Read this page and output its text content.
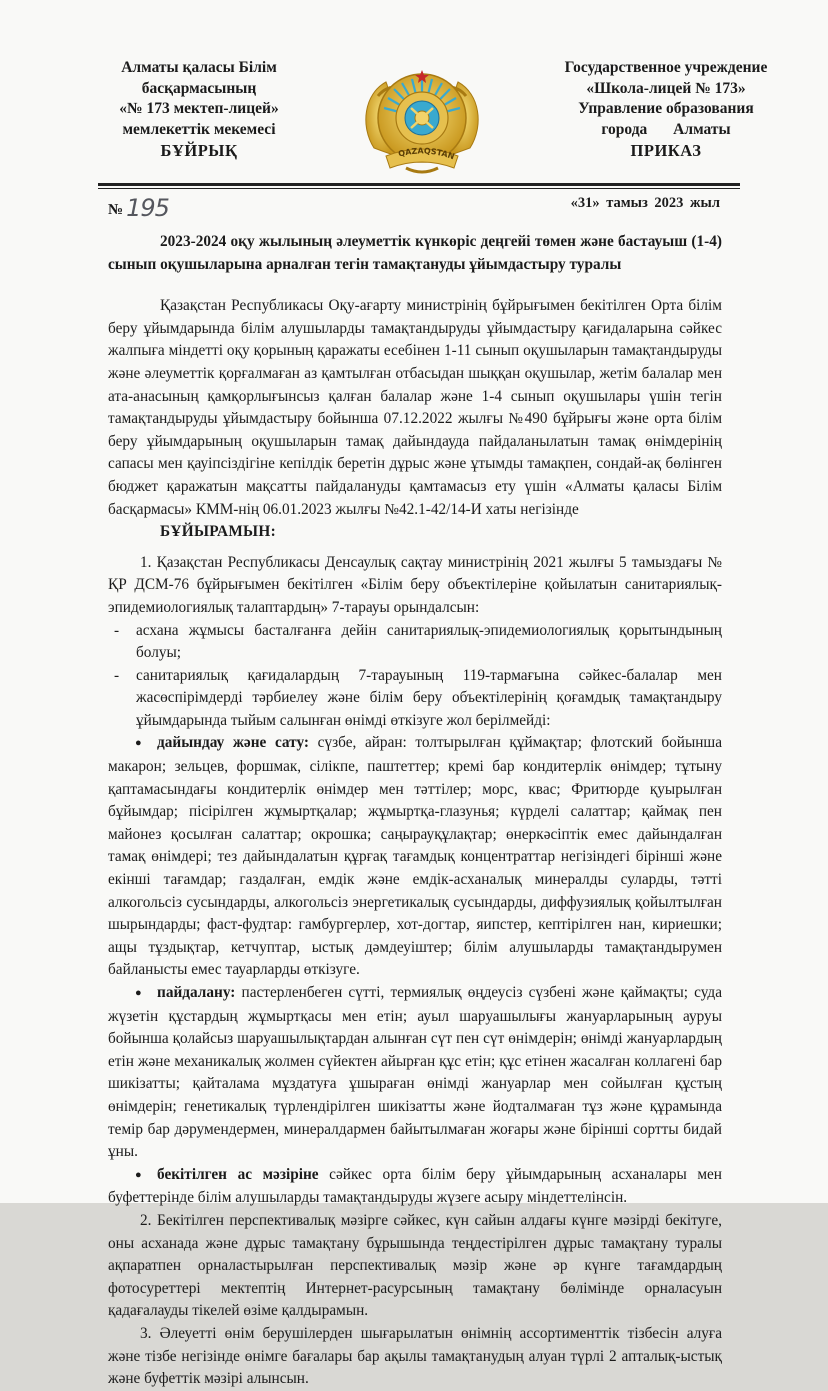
Алматы қаласы Білім
басқармасының
«№ 173 мектеп-лицей»
мемлекеттік мекемесі
БҰЙРЫҚ	QAZAQSTAN
Государственное учреждение
«Школа-лицей № 173»
Управление образования
города Алматы
ПРИКАЗ
№ 195	«31» тамыз 2023 жыл

2023-2024 оқу жылының әлеуметтік күнкөріс деңгейі төмен және бастауыш (1-4) сынып оқушыларына арналған тегін тамақтануды ұйымдастыру туралы

Қазақстан Республикасы Оқу-ағарту министрінің бұйрығымен бекітілген Орта білім беру ұйымдарында білім алушыларды тамақтандыруды ұйымдастыру қағидаларына сәйкес жалпыға міндетті оқу қорының қаражаты есебінен 1-11 сынып оқушыларын тамақтандыруды және әлеуметтік қорғалмаған аз қамтылған отбасыдан шыққан оқушылар, жетім балалар мен ата-анасының қамқорлығынсыз қалған балалар және 1-4 сынып оқушылары үшін тегін тамақтандыруды ұйымдастыру бойынша 07.12.2022 жылғы №490 бұйрығы және орта білім беру ұйымдарының оқушыларын тамақ дайындауда пайдаланылатын тамақ өнімдерінің сапасы мен қауіпсіздігіне кепілдік беретін дұрыс және ұтымды тамақпен, сондай-ақ бөлінген бюджет қаражатын мақсатты пайдалануды қамтамасыз ету үшін «Алматы қаласы Білім басқармасы» КММ-нің 06.01.2023 жылғы №42.1-42/14-И хаты негізінде

БҰЙЫРАМЫН:

1. Қазақстан Республикасы Денсаулық сақтау министрінің 2021 жылғы 5 тамыздағы № ҚР ДСМ-76 бұйрығымен бекітілген «Білім беру объектілеріне қойылатын санитариялық-эпидемиологиялық талаптардың» 7-тарауы орындалсын:

-	асхана жұмысы басталғанға дейін санитариялық-эпидемиологиялық қорытындының болуы;
-	санитариялық қағидалардың 7-тарауының 119-тармағына сәйкес-балалар мен жасөспірімдерді тәрбиелеу және білім беру объектілерінің қоғамдық тамақтандыру ұйымдарында тыйым салынған өнімді өткізуге жол берілмейді:

● дайындау және сату: сүзбе, айран: толтырылған құймақтар; флотский бойынша макарон; зельцев, форшмак, сілікпе, паштеттер; кремі бар кондитерлік өнімдер; тұтыну қаптамасындағы кондитерлік өнімдер мен тәттілер; морс, квас; Фритюрде қуырылған бұйымдар; пісірілген жұмыртқалар; жұмыртқа-глазунья; күрделі салаттар; қаймақ пен майонез қосылған салаттар; окрошка; саңырауқұлақтар; өнеркәсіптік емес дайындалған тамақ өнімдері; тез дайындалатын құрғақ тағамдық концентраттар негізіндегі бірінші және екінші тағамдар; газдалған, емдік және емдік-асханалық минералды суларды, тәтті алкогольсіз сусындарды, алкогольсіз энергетикалық сусындарды, диффузиялық қойылтылған шырындарды; фаст-фудтар: гамбургерлер, хот-догтар, яипстер, кептірілген нан, кириешки; ащы тұздықтар, кетчуптар, ыстық дәмдеуіштер; білім алушыларды тамақтандырумен байланысты емес тауарларды өткізуге.

● пайдалану: пастерленбеген сүтті, термиялық өңдеусіз сүзбені және қаймақты; суда жүзетін құстардың жұмыртқасы мен етін; ауыл шаруашылығы жануарларының ауруы бойынша қолайсыз шаруашылықтардан алынған сүт пен сүт өнімдерін; өнімді жануарлардың етін және механикалық жолмен сүйектен айырған құс етін; құс етінен жасалған коллагені бар шикізатты; қайталама мұздатуға ұшыраған өнімді жануарлар мен сойылған құстың өнімдерін; генетикалық түрлендірілген шикізатты және йодталмаған тұз және құрамында темір бар дәрумендермен, минералдармен байытылмаған жоғары және бірінші сортты бидай ұны.

● бекітілген ас мәзіріне сәйкес орта білім беру ұйымдарының асханалары мен буфеттерінде білім алушыларды тамақтандыруды жүзеге асыру міндеттелінсін.

2. Бекітілген перспективалық мәзірге сәйкес, күн сайын алдағы күнге мәзірді бекітуге, оны асханада және дұрыс тамақтану бұрышында теңдестірілген дұрыс тамақтану туралы ақпаратпен орналастырылған перспективалық мәзір және әр күнге тағамдардың фотосуреттері мектептің Интернет-расурсының тамақтану бөлімінде орналасуын қадағалауды тікелей өзіме қалдырамын.

3. Әлеуетті өнім берушілерден шығарылатын өнімнің ассортименттік тізбесін алуға және тізбе негізінде өнімге бағалары бар ақылы тамақтанудың алуан түрлі 2 апталық-ыстық және буфеттік мәзірі алынсын.
